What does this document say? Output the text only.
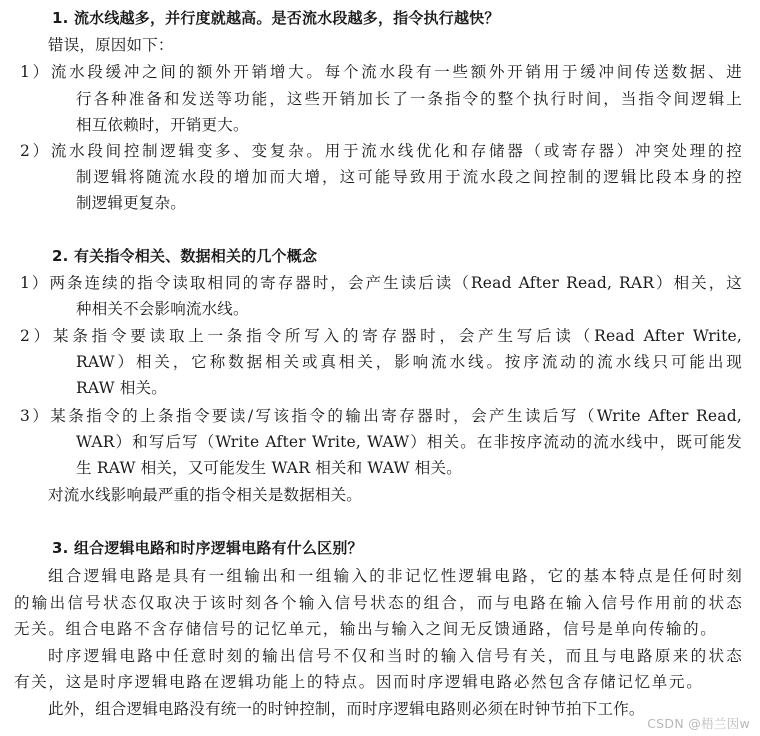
1. 流水线越多，并行度就越高。是否流水段越多，指令执行越快？
错误，原因如下：
1）流水段缓冲之间的额外开销增大。每个流水段有一些额外开销用于缓冲间传送数据、进
行各种准备和发送等功能，这些开销加长了一条指令的整个执行时间，当指令间逻辑上
相互依赖时，开销更大。
2）流水段间控制逻辑变多、变复杂。用于流水线优化和存储器（或寄存器）冲突处理的控
制逻辑将随流水段的增加而大增，这可能导致用于流水段之间控制的逻辑比段本身的控
制逻辑更复杂。
2. 有关指令相关、数据相关的几个概念
1）两条连续的指令读取相同的寄存器时，会产生读后读（Read After Read, RAR）相关，这
种相关不会影响流水线。
2）某条指令要读取上一条指令所写入的寄存器时，会产生写后读（Read After Write,
RAW）相关，它称数据相关或真相关，影响流水线。按序流动的流水线只可能出现
RAW 相关。
3）某条指令的上条指令要读/写该指令的输出寄存器时，会产生读后写（Write After Read,
WAR）和写后写（Write After Write, WAW）相关。在非按序流动的流水线中，既可能发
生 RAW 相关，又可能发生 WAR 相关和 WAW 相关。
对流水线影响最严重的指令相关是数据相关。
3. 组合逻辑电路和时序逻辑电路有什么区别？
组合逻辑电路是具有一组输出和一组输入的非记忆性逻辑电路，它的基本特点是任何时刻
的输出信号状态仅取决于该时刻各个输入信号状态的组合，而与电路在输入信号作用前的状态
无关。组合电路不含存储信号的记忆单元，输出与输入之间无反馈通路，信号是单向传输的。
时序逻辑电路中任意时刻的输出信号不仅和当时的输入信号有关，而且与电路原来的状态
有关，这是时序逻辑电路在逻辑功能上的特点。因而时序逻辑电路必然包含存储记忆单元。
此外，组合逻辑电路没有统一的时钟控制，而时序逻辑电路则必须在时钟节拍下工作。
CSDN @梧兰因w
